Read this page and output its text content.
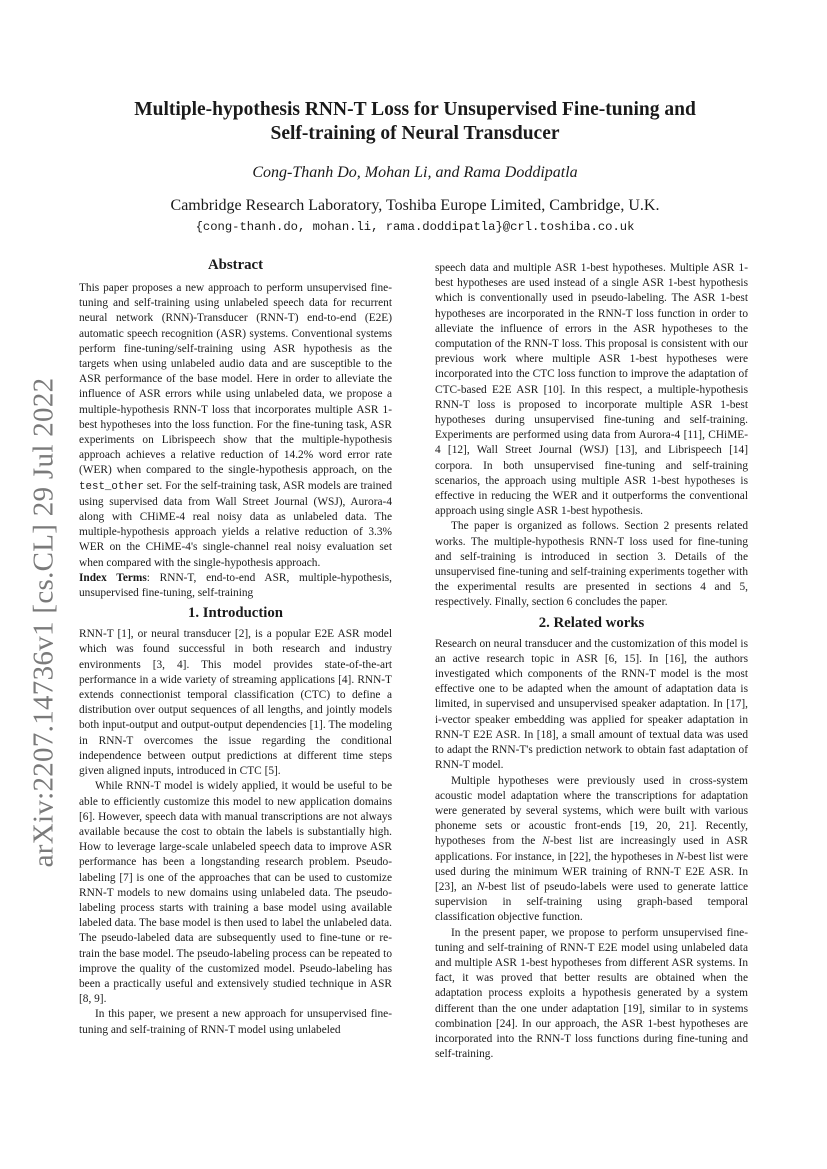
arXiv:2207.14736v1 [cs.CL] 29 Jul 2022
Multiple-hypothesis RNN-T Loss for Unsupervised Fine-tuning and
Self-training of Neural Transducer
Cong-Thanh Do, Mohan Li, and Rama Doddipatla
Cambridge Research Laboratory, Toshiba Europe Limited, Cambridge, U.K.
{cong-thanh.do, mohan.li, rama.doddipatla}@crl.toshiba.co.uk
Abstract

This paper proposes a new approach to perform unsupervised fine-tuning and self-training using unlabeled speech data for recurrent neural network (RNN)-Transducer (RNN-T) end-to-end (E2E) automatic speech recognition (ASR) systems. Conventional systems perform fine-tuning/self-training using ASR hypothesis as the targets when using unlabeled audio data and are susceptible to the ASR performance of the base model. Here in order to alleviate the influence of ASR errors while using unlabeled data, we propose a multiple-hypothesis RNN-T loss that incorporates multiple ASR 1-best hypotheses into the loss function. For the fine-tuning task, ASR experiments on Librispeech show that the multiple-hypothesis approach achieves a relative reduction of 14.2% word error rate (WER) when compared to the single-hypothesis approach, on the test_other set. For the self-training task, ASR models are trained using supervised data from Wall Street Journal (WSJ), Aurora-4 along with CHiME-4 real noisy data as unlabeled data. The multiple-hypothesis approach yields a relative reduction of 3.3% WER on the CHiME-4's single-channel real noisy evaluation set when compared with the single-hypothesis approach.

Index Terms: RNN-T, end-to-end ASR, multiple-hypothesis, unsupervised fine-tuning, self-training

1. Introduction

RNN-T [1], or neural transducer [2], is a popular E2E ASR model which was found successful in both research and industry environments [3, 4]. This model provides state-of-the-art performance in a wide variety of streaming applications [4]. RNN-T extends connectionist temporal classification (CTC) to define a distribution over output sequences of all lengths, and jointly models both input-output and output-output dependencies [1]. The modeling in RNN-T overcomes the issue regarding the conditional independence between output predictions at different time steps given aligned inputs, introduced in CTC [5].

While RNN-T model is widely applied, it would be useful to be able to efficiently customize this model to new application domains [6]. However, speech data with manual transcriptions are not always available because the cost to obtain the labels is substantially high. How to leverage large-scale unlabeled speech data to improve ASR performance has been a longstanding research problem. Pseudo-labeling [7] is one of the approaches that can be used to customize RNN-T models to new domains using unlabeled data. The pseudo-labeling process starts with training a base model using available labeled data. The base model is then used to label the unlabeled data. The pseudo-labeled data are subsequently used to fine-tune or re-train the base model. The pseudo-labeling process can be repeated to improve the quality of the customized model. Pseudo-labeling has been a practically useful and extensively studied technique in ASR [8, 9].

In this paper, we present a new approach for unsupervised fine-tuning and self-training of RNN-T model using unlabeled

speech data and multiple ASR 1-best hypotheses. Multiple ASR 1-best hypotheses are used instead of a single ASR 1-best hypothesis which is conventionally used in pseudo-labeling. The ASR 1-best hypotheses are incorporated in the RNN-T loss function in order to alleviate the influence of errors in the ASR hypotheses to the computation of the RNN-T loss. This proposal is consistent with our previous work where multiple ASR 1-best hypotheses were incorporated into the CTC loss function to improve the adaptation of CTC-based E2E ASR [10]. In this respect, a multiple-hypothesis RNN-T loss is proposed to incorporate multiple ASR 1-best hypotheses during unsupervised fine-tuning and self-training. Experiments are performed using data from Aurora-4 [11], CHiME-4 [12], Wall Street Journal (WSJ) [13], and Librispeech [14] corpora. In both unsupervised fine-tuning and self-training scenarios, the approach using multiple ASR 1-best hypotheses is effective in reducing the WER and it outperforms the conventional approach using single ASR 1-best hypothesis.

The paper is organized as follows. Section 2 presents related works. The multiple-hypothesis RNN-T loss used for fine-tuning and self-training is introduced in section 3. Details of the unsupervised fine-tuning and self-training experiments together with the experimental results are presented in sections 4 and 5, respectively. Finally, section 6 concludes the paper.

2. Related works

Research on neural transducer and the customization of this model is an active research topic in ASR [6, 15]. In [16], the authors investigated which components of the RNN-T model is the most effective one to be adapted when the amount of adaptation data is limited, in supervised and unsupervised speaker adaptation. In [17], i-vector speaker embedding was applied for speaker adaptation in RNN-T E2E ASR. In [18], a small amount of textual data was used to adapt the RNN-T's prediction network to obtain fast adaptation of RNN-T model.

Multiple hypotheses were previously used in cross-system acoustic model adaptation where the transcriptions for adaptation were generated by several systems, which were built with various phoneme sets or acoustic front-ends [19, 20, 21]. Recently, hypotheses from the N-best list are increasingly used in ASR applications. For instance, in [22], the hypotheses in N-best list were used during the minimum WER training of RNN-T E2E ASR. In [23], an N-best list of pseudo-labels were used to generate lattice supervision in self-training using graph-based temporal classification objective function.

In the present paper, we propose to perform unsupervised fine-tuning and self-training of RNN-T E2E model using unlabeled data and multiple ASR 1-best hypotheses from different ASR systems. In fact, it was proved that better results are obtained when the adaptation process exploits a hypothesis generated by a system different than the one under adaptation [19], similar to in systems combination [24]. In our approach, the ASR 1-best hypotheses are incorporated into the RNN-T loss functions during fine-tuning and self-training.
